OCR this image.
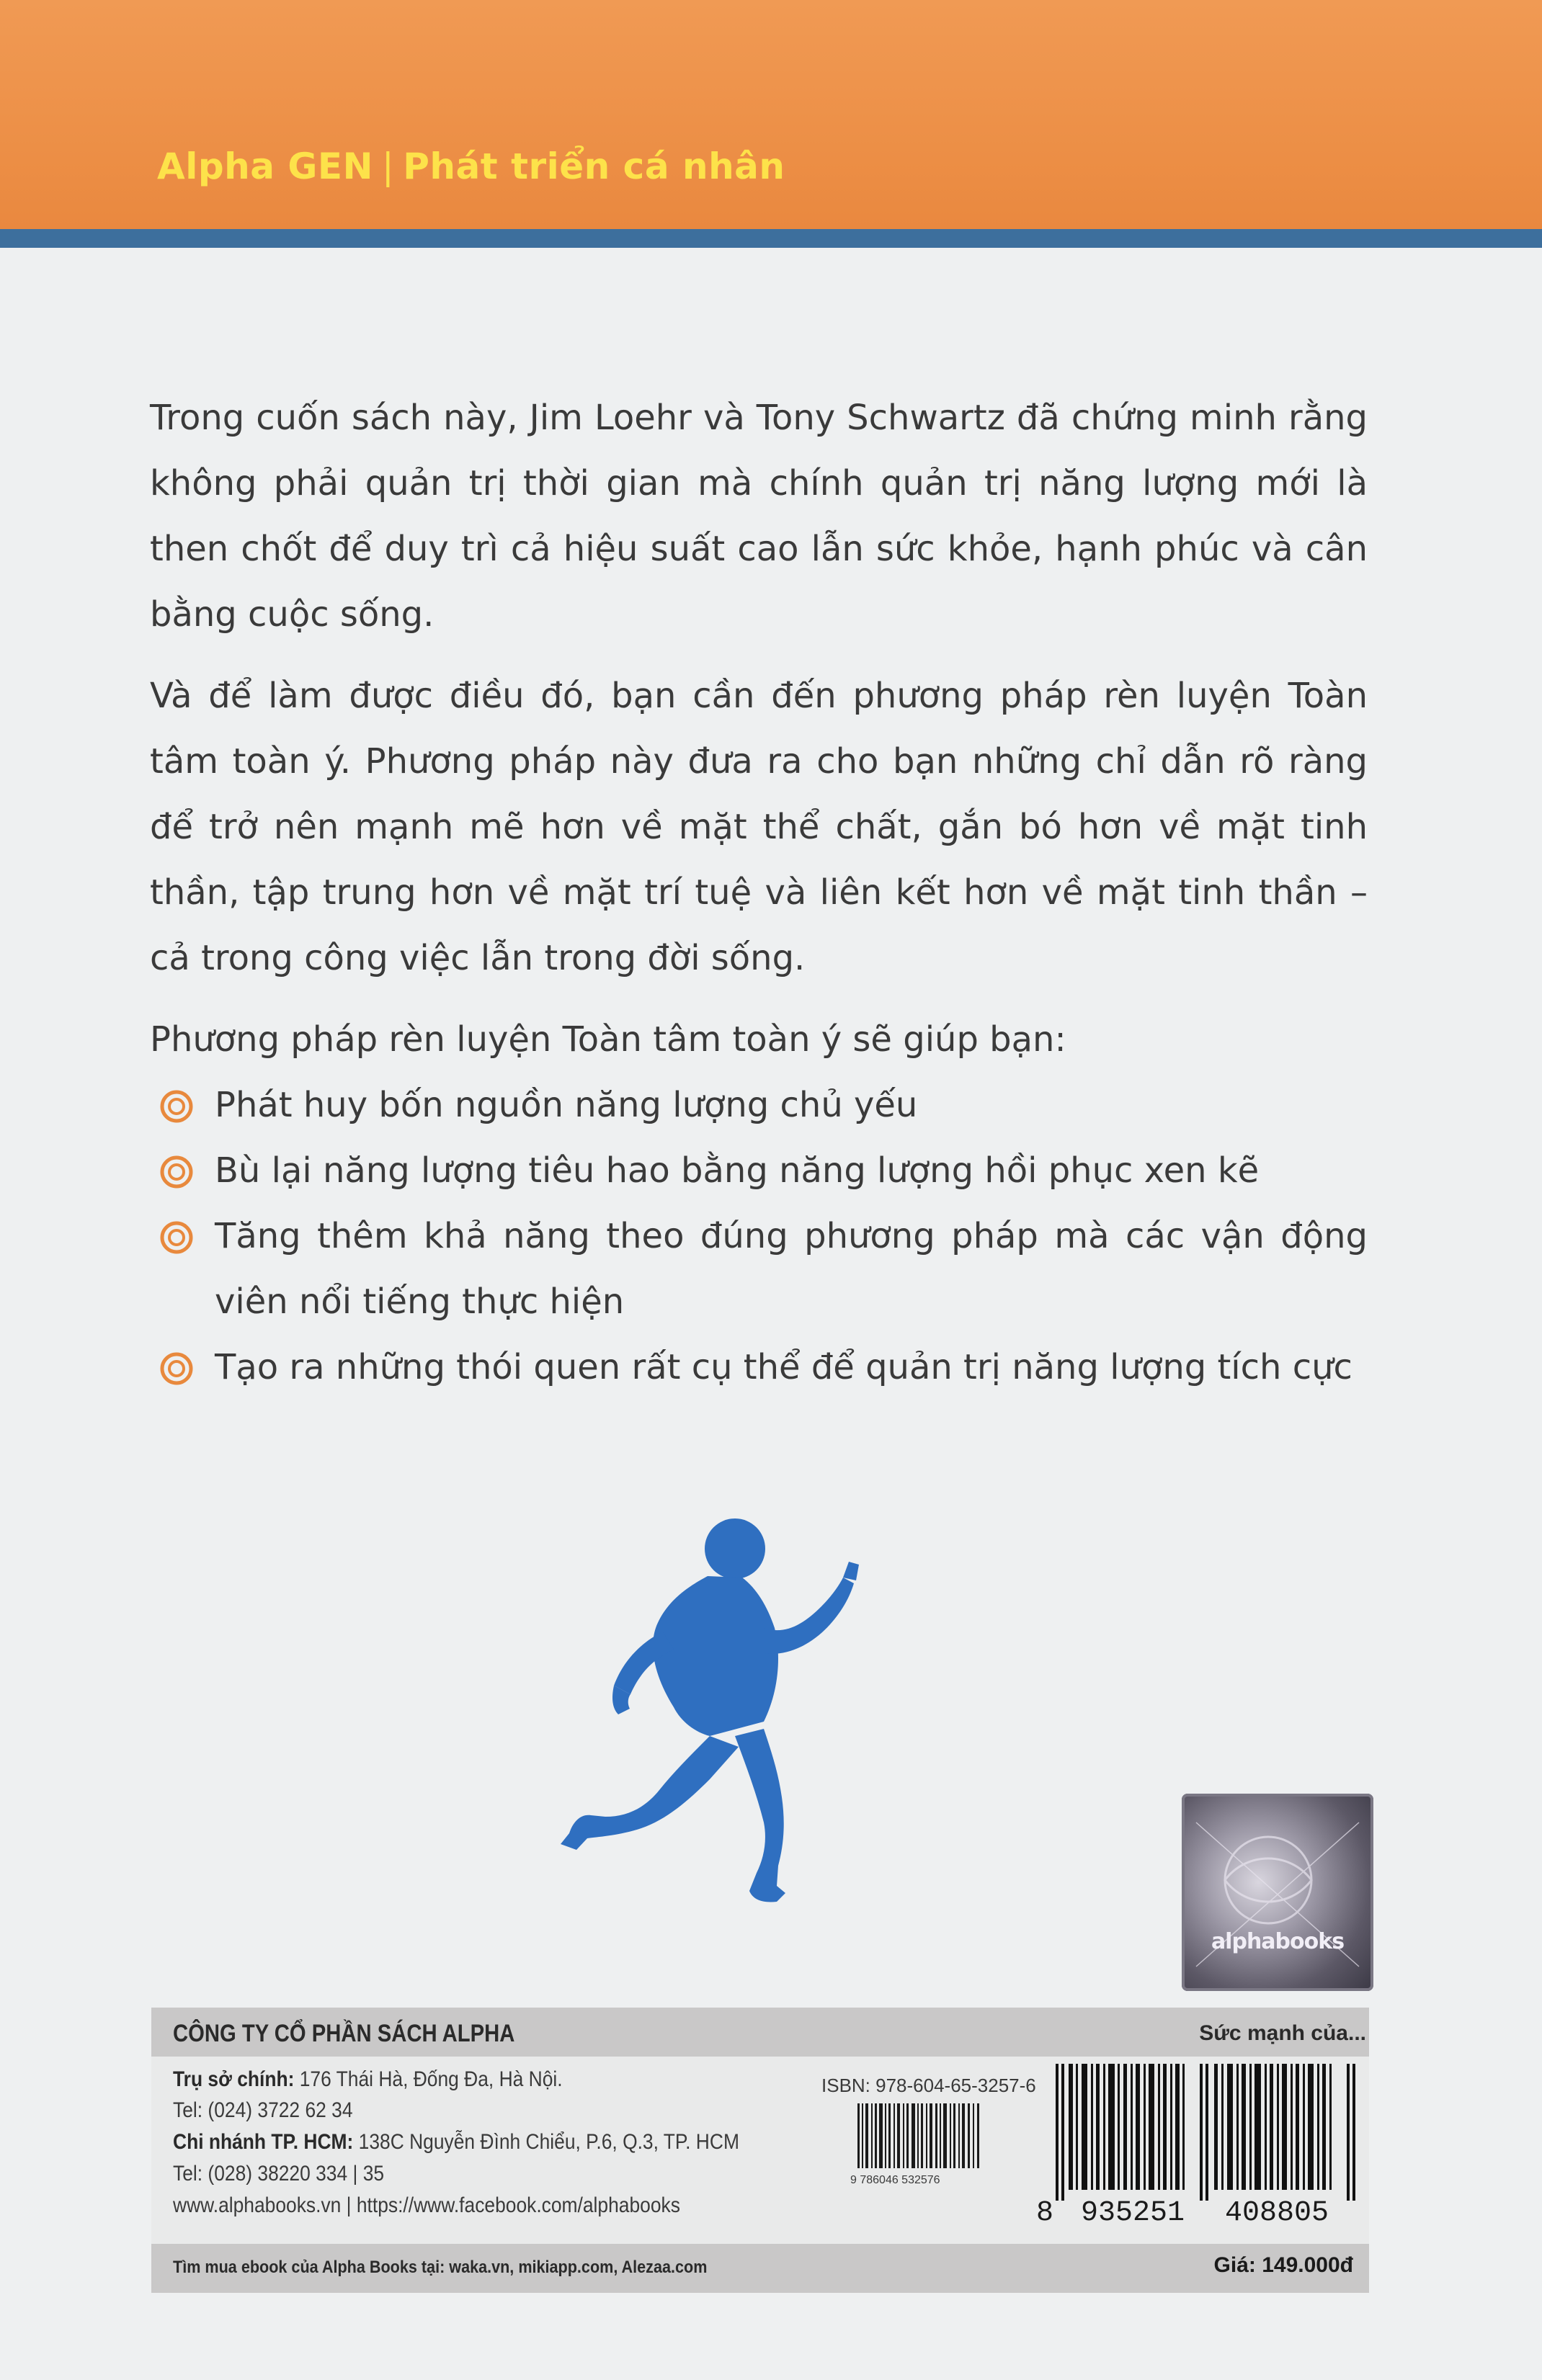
Alpha GEN | Phát triển cá nhân

Trong cuốn sách này, Jim Loehr và Tony Schwartz đã chứng minh rằng không phải quản trị thời gian mà chính quản trị năng lượng mới là then chốt để duy trì cả hiệu suất cao lẫn sức khỏe, hạnh phúc và cân bằng cuộc sống.

Và để làm được điều đó, bạn cần đến phương pháp rèn luyện Toàn tâm toàn ý. Phương pháp này đưa ra cho bạn những chỉ dẫn rõ ràng để trở nên mạnh mẽ hơn về mặt thể chất, gắn bó hơn về mặt tinh thần, tập trung hơn về mặt trí tuệ và liên kết hơn về mặt tinh thần – cả trong công việc lẫn trong đời sống.

Phương pháp rèn luyện Toàn tâm toàn ý sẽ giúp bạn:

Phát huy bốn nguồn năng lượng chủ yếu
Bù lại năng lượng tiêu hao bằng năng lượng hồi phục xen kẽ
Tăng thêm khả năng theo đúng phương pháp mà các vận động viên nổi tiếng thực hiện
Tạo ra những thói quen rất cụ thể để quản trị năng lượng tích cực
alphabooks
CÔNG TY CỔ PHẦN SÁCH ALPHA	Sức mạnh của...
Trụ sở chính: 176 Thái Hà, Đống Đa, Hà Nội.
Tel: (024) 3722 62 34
Chi nhánh TP. HCM: 138C Nguyễn Đình Chiểu, P.6, Q.3, TP. HCM
Tel: (028) 38220 334 | 35
www.alphabooks.vn | https://www.facebook.com/alphabooks
ISBN: 978-604-65-3257-6
9 786046 532576
8 935251 408805
Tìm mua ebook của Alpha Books tại: waka.vn, mikiapp.com, Alezaa.com	Giá: 149.000đ
